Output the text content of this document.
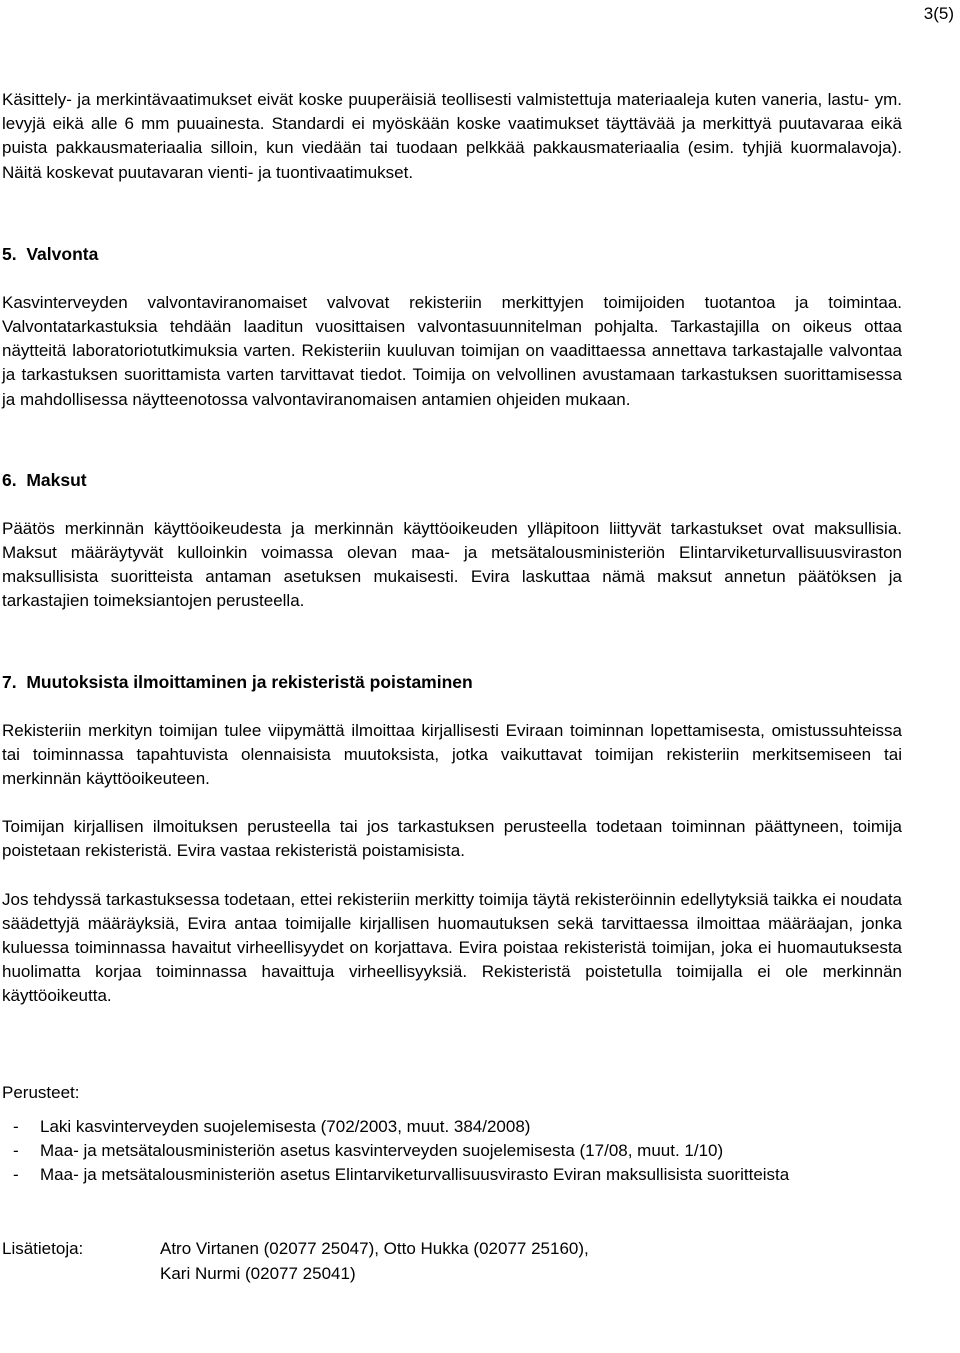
3(5)

Käsittely- ja merkintävaatimukset eivät koske puuperäisiä teollisesti valmistettuja materiaaleja kuten vaneria, lastu- ym. levyjä eikä alle 6 mm puuainesta. Standardi ei myöskään koske vaatimukset täyttävää ja merkittyä puutavaraa eikä puista pakkausmateriaalia silloin, kun viedään tai tuodaan pelkkää pakkausmateriaalia (esim. tyhjiä kuormalavoja). Näitä koskevat puutavaran vienti- ja tuontivaatimukset.

5. Valvonta

Kasvinterveyden valvontaviranomaiset valvovat rekisteriin merkittyjen toimijoiden tuotantoa ja toimintaa. Valvontatarkastuksia tehdään laaditun vuosittaisen valvontasuunnitelman pohjalta. Tarkastajilla on oikeus ottaa näytteitä laboratoriotutkimuksia varten. Rekisteriin kuuluvan toimijan on vaadittaessa annettava tarkastajalle valvontaa ja tarkastuksen suorittamista varten tarvittavat tiedot. Toimija on velvollinen avustamaan tarkastuksen suorittamisessa ja mahdollisessa näytteenotossa valvontaviranomaisen antamien ohjeiden mukaan.

6. Maksut

Päätös merkinnän käyttöoikeudesta ja merkinnän käyttöoikeuden ylläpitoon liittyvät tarkastukset ovat maksullisia. Maksut määräytyvät kulloinkin voimassa olevan maa- ja metsätalousministeriön Elintarviketurvallisuusviraston maksullisista suoritteista antaman asetuksen mukaisesti. Evira laskuttaa nämä maksut annetun päätöksen ja tarkastajien toimeksiantojen perusteella.

7. Muutoksista ilmoittaminen ja rekisteristä poistaminen

Rekisteriin merkityn toimijan tulee viipymättä ilmoittaa kirjallisesti Eviraan toiminnan lopettamisesta, omistussuhteissa tai toiminnassa tapahtuvista olennaisista muutoksista, jotka vaikuttavat toimijan rekisteriin merkitsemiseen tai merkinnän käyttöoikeuteen.

Toimijan kirjallisen ilmoituksen perusteella tai jos tarkastuksen perusteella todetaan toiminnan päättyneen, toimija poistetaan rekisteristä. Evira vastaa rekisteristä poistamisista.

Jos tehdyssä tarkastuksessa todetaan, ettei rekisteriin merkitty toimija täytä rekisteröinnin edellytyksiä taikka ei noudata säädettyjä määräyksiä, Evira antaa toimijalle kirjallisen huomautuksen sekä tarvittaessa ilmoittaa määräajan, jonka kuluessa toiminnassa havaitut virheellisyydet on korjattava. Evira poistaa rekisteristä toimijan, joka ei huomautuksesta huolimatta korjaa toiminnassa havaittuja virheellisyyksiä. Rekisteristä poistetulla toimijalla ei ole merkinnän käyttöoikeutta.

Perusteet:
- Laki kasvinterveyden suojelemisesta (702/2003, muut. 384/2008)
- Maa- ja metsätalousministeriön asetus kasvinterveyden suojelemisesta (17/08, muut. 1/10)
- Maa- ja metsätalousministeriön asetus Elintarviketurvallisuusvirasto Eviran maksullisista suoritteista
Lisätietoja:	Atro Virtanen (02077 25047), Otto Hukka (02077 25160),
Kari Nurmi (02077 25041)
